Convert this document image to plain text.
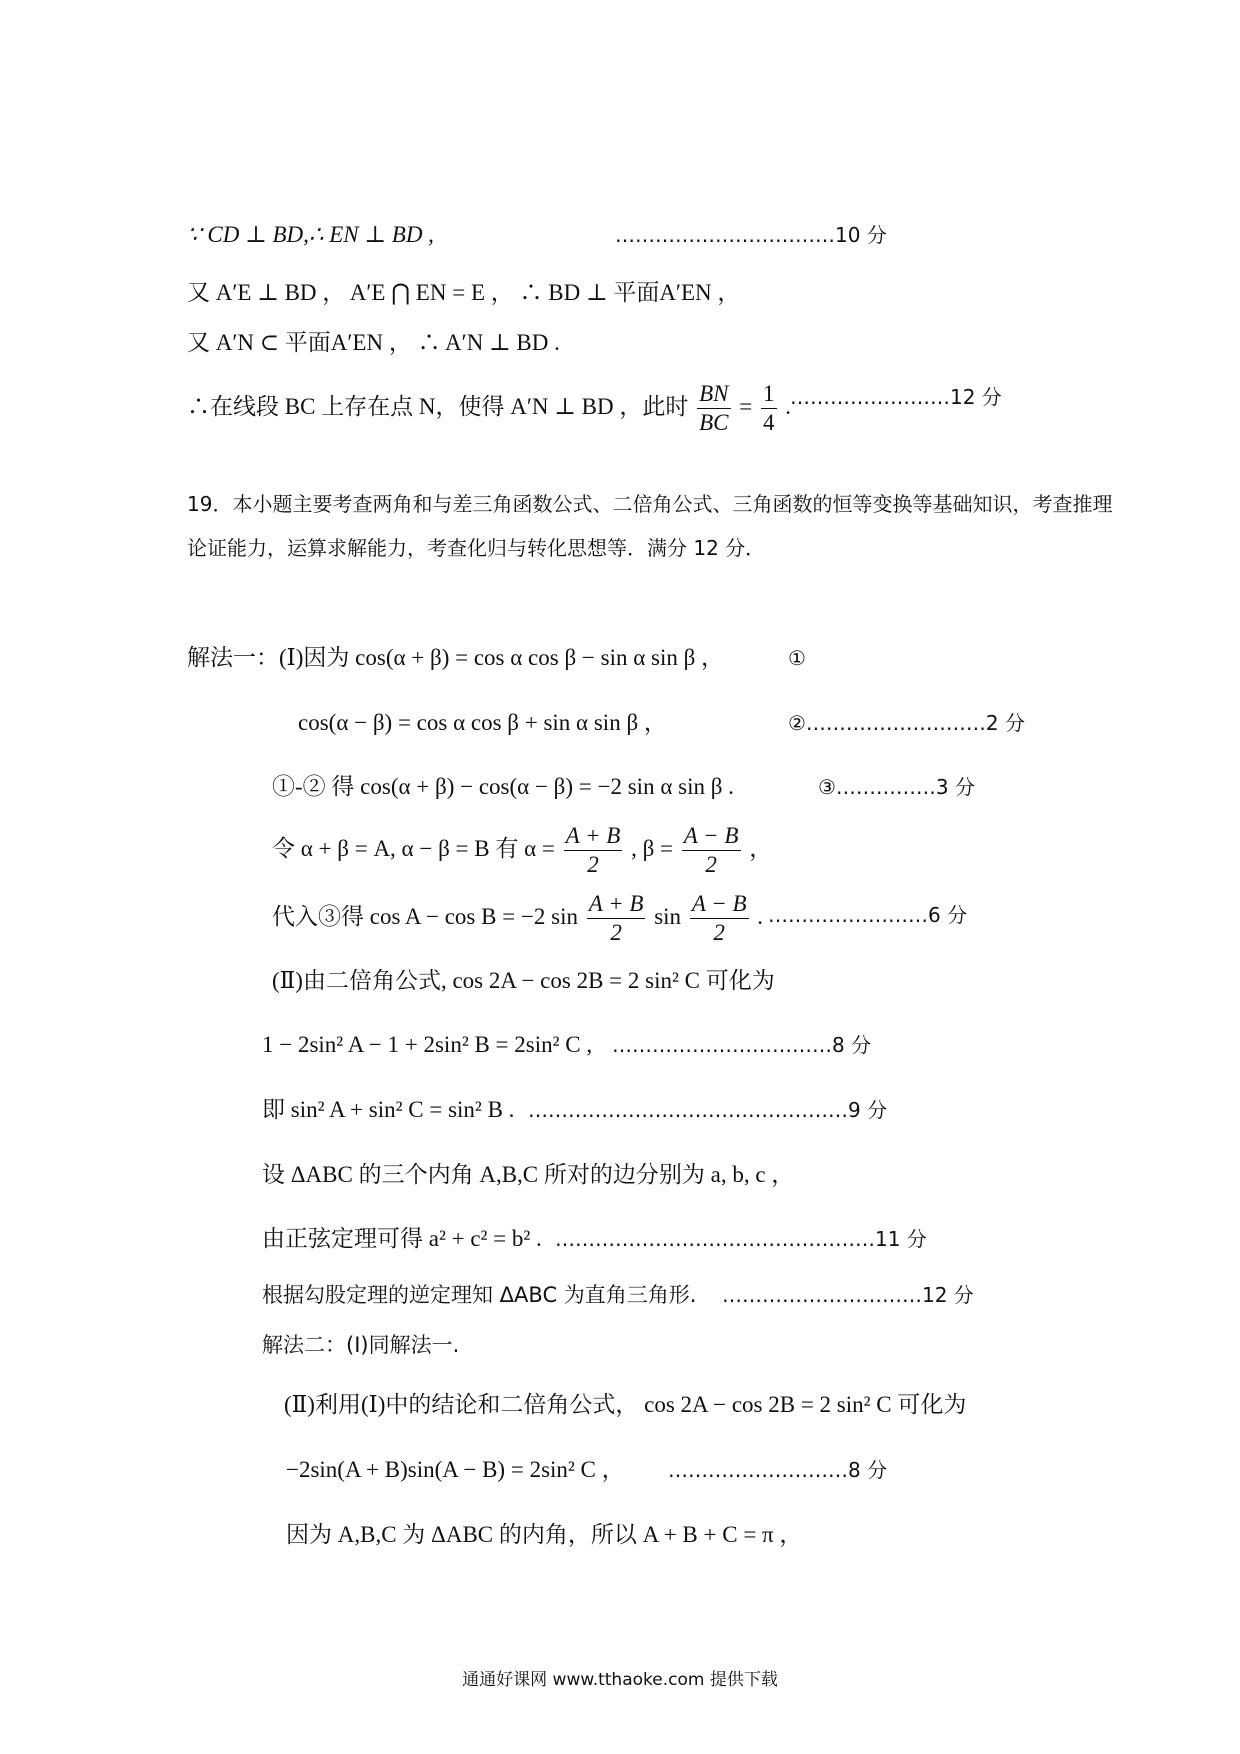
∵ CD ⊥ BD,∴ EN ⊥ BD ,	……………………………10 分
又 A′E ⊥ BD ， A′E ⋂ EN = E ， ∴ BD ⊥ 平面A′EN ，
又 A′N ⊂ 平面A′EN ， ∴ A′N ⊥ BD .
∴在线段 BC 上存在点 N，使得 A′N ⊥ BD ，此时 $\frac{BN}{BC} = \frac{1}{4}$ . ……………………12 分
19．本小题主要考查两角和与差三角函数公式、二倍角公式、三角函数的恒等变换等基础知识，考查推理论证能力，运算求解能力，考查化归与转化思想等．满分 12 分．
解法一：(Ⅰ)因为 cos(α + β) = cos α cos β − sin α sin β ，	①
cos(α − β) = cos α cos β + sin α sin β ，	②………………………2 分
①-② 得 cos(α + β) − cos(α − β) = −2 sin α sin β .	③……………3 分
令 α + β = A, α − β = B 有 $\alpha = \frac{A + B}{2}$ , $\beta = \frac{A - B}{2}$ ，
代入③得 cos A − cos B = −2 $\sin \frac{A + B}{2}$ $\sin \frac{A - B}{2}$ . ……………………6 分
(Ⅱ)由二倍角公式, cos 2A − cos 2B = 2 sin² C 可化为
1 − 2sin² A − 1 + 2sin² B = 2sin² C , ……………………………8 分
即 sin² A + sin² C = sin² B . …………………………………………9 分
设 ΔABC 的三个内角 A,B,C 所对的边分别为 a, b, c ，
由正弦定理可得 a² + c² = b² . …………………………………………11 分
根据勾股定理的逆定理知 ΔABC 为直角三角形. …………………………12 分
解法二：(Ⅰ)同解法一.
(Ⅱ)利用(Ⅰ)中的结论和二倍角公式， cos 2A − cos 2B = 2 sin² C 可化为
−2sin(A + B)sin(A − B) = 2sin² C ， ………………………8 分
因为 A,B,C 为 ΔABC 的内角，所以 A + B + C = π ，
通通好课网 www.tthaoke.com 提供下载
